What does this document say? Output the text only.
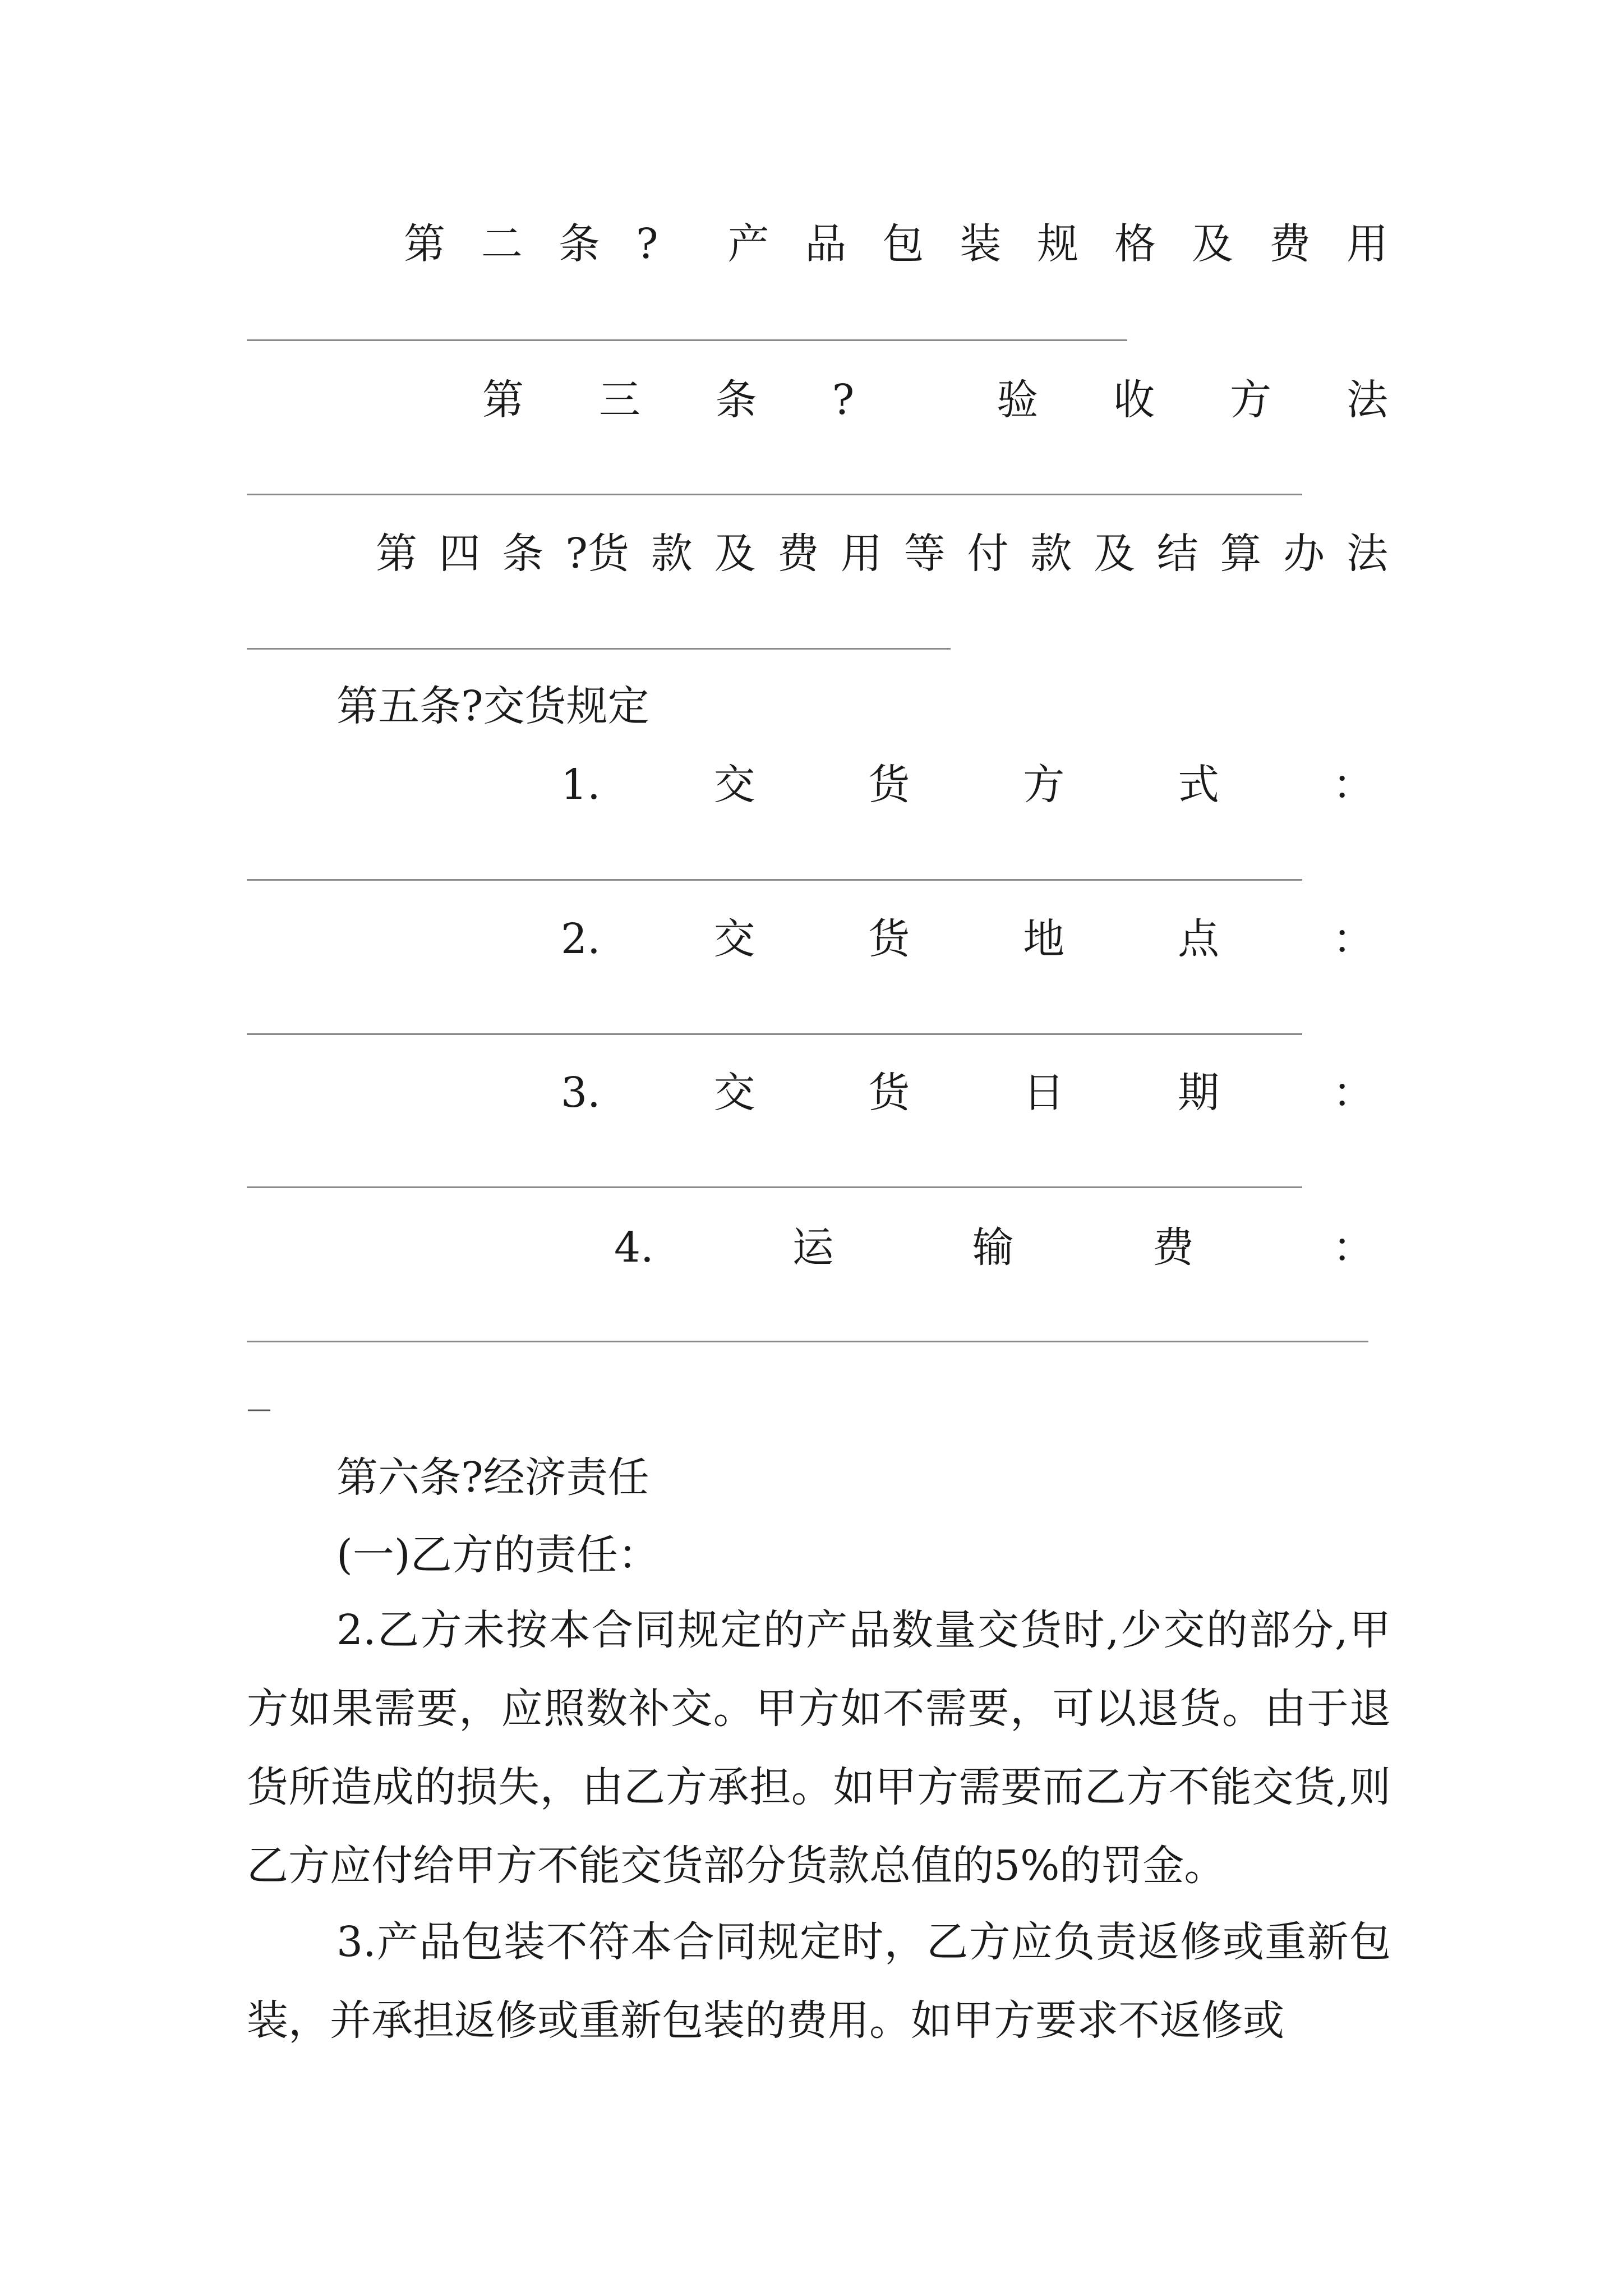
第 二 条 ? 产 品 包 装 规 格 及 费 用
第 三 条 ?	验 收 方 法
第 四 条 ?货 款 及 费 用 等 付 款 及 结 算 办 法
第五条?交货规定
1.	交	货	方	式	：
2.	交	货	地	点	：
3.	交	货	日	期	：
4.	运	输	费	：
—
第六条?经济责任
(一)乙方的责任：
2.乙方未按本合同规定的产品数量交货时,少交的部分,甲方如果需要，应照数补交。甲方如不需要，可以退货。由于退货所造成的损失，由乙方承担。如甲方需要而乙方不能交货,则乙方应付给甲方不能交货部分货款总值的5%的罚金。
3.产品包装不符本合同规定时，乙方应负责返修或重新包装，并承担返修或重新包装的费用。如甲方要求不返修或
